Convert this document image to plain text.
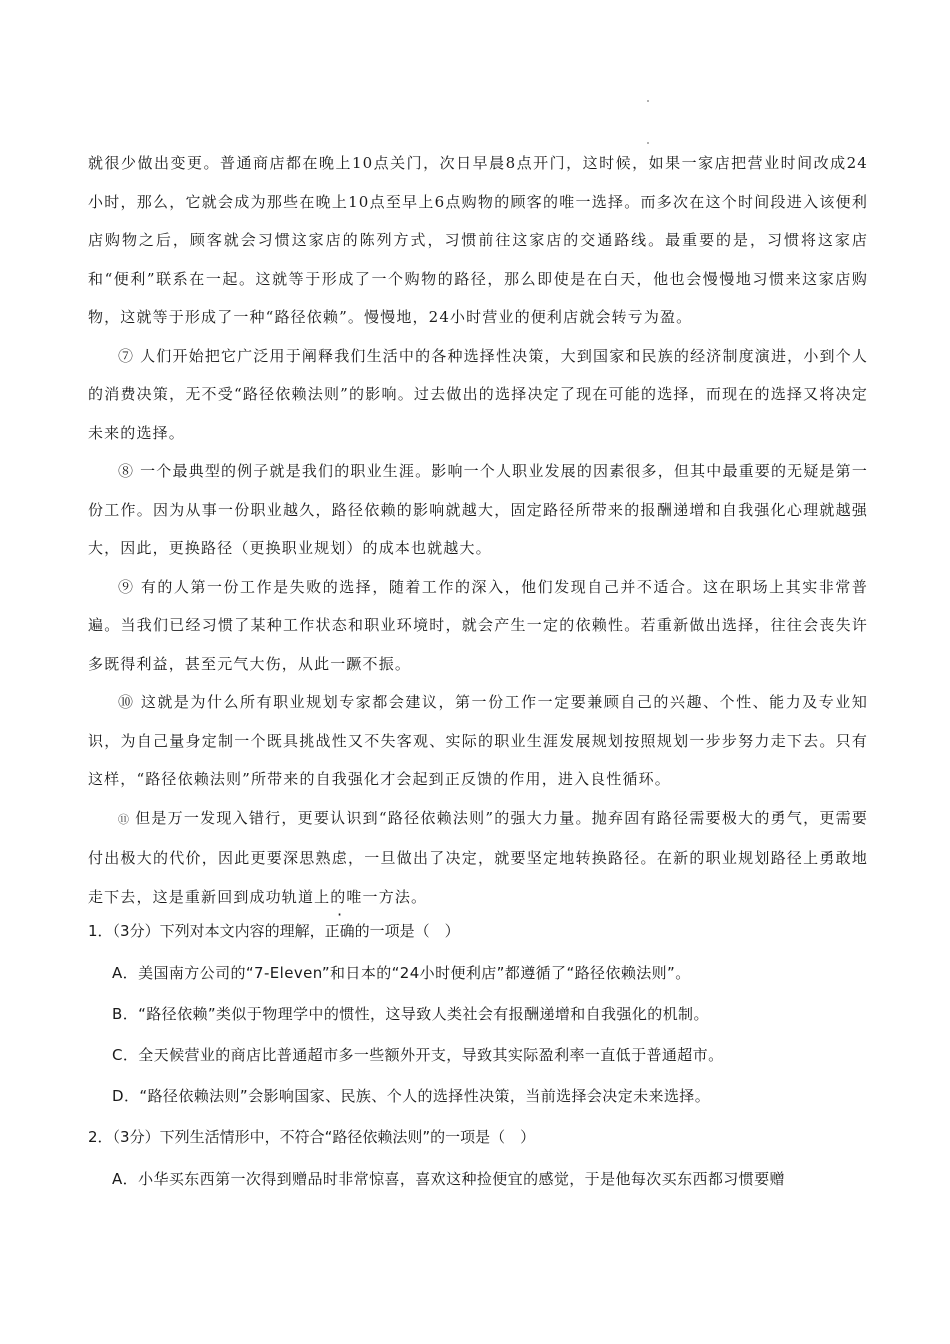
就很少做出变更。普通商店都在晚上10点关门，次日早晨8点开门，这时候，如果一家店把营业时间改成24小时，那么，它就会成为那些在晚上10点至早上6点购物的顾客的唯一选择。而多次在这个时间段进入该便利店购物之后，顾客就会习惯这家店的陈列方式，习惯前往这家店的交通路线。最重要的是，习惯将这家店和“便利”联系在一起。这就等于形成了一个购物的路径，那么即使是在白天，他也会慢慢地习惯来这家店购物，这就等于形成了一种“路径依赖”。慢慢地，24小时营业的便利店就会转亏为盈。

⑦ 人们开始把它广泛用于阐释我们生活中的各种选择性决策，大到国家和民族的经济制度演进，小到个人的消费决策，无不受“路径依赖法则”的影响。过去做出的选择决定了现在可能的选择，而现在的选择又将决定未来的选择。

⑧ 一个最典型的例子就是我们的职业生涯。影响一个人职业发展的因素很多，但其中最重要的无疑是第一份工作。因为从事一份职业越久，路径依赖的影响就越大，固定路径所带来的报酬递增和自我强化心理就越强大，因此，更换路径（更换职业规划）的成本也就越大。

⑨ 有的人第一份工作是失败的选择，随着工作的深入，他们发现自己并不适合。这在职场上其实非常普遍。当我们已经习惯了某种工作状态和职业环境时，就会产生一定的依赖性。若重新做出选择，往往会丧失许多既得利益，甚至元气大伤，从此一蹶不振。

⑩ 这就是为什么所有职业规划专家都会建议，第一份工作一定要兼顾自己的兴趣、个性、能力及专业知识，为自己量身定制一个既具挑战性又不失客观、实际的职业生涯发展规划按照规划一步步努力走下去。只有这样，“路径依赖法则”所带来的自我强化才会起到正反馈的作用，进入良性循环。

⑪ 但是万一发现入错行，更要认识到“路径依赖法则”的强大力量。抛弃固有路径需要极大的勇气，更需要付出极大的代价，因此更要深思熟虑，一旦做出了决定，就要坚定地转换路径。在新的职业规划路径上勇敢地走下去，这是重新回到成功轨道上的唯一方法。

1．（3分）下列对本文内容的理解，正确的一项是（　）
A．美国南方公司的“7-Eleven”和日本的“24小时便利店”都遵循了“路径依赖法则”。
B．“路径依赖”类似于物理学中的惯性，这导致人类社会有报酬递增和自我强化的机制。
C．全天候营业的商店比普通超市多一些额外开支，导致其实际盈利率一直低于普通超市。
D．“路径依赖法则”会影响国家、民族、个人的选择性决策，当前选择会决定未来选择。
2．（3分）下列生活情形中，不符合“路径依赖法则”的一项是（　）
A．小华买东西第一次得到赠品时非常惊喜，喜欢这种捡便宜的感觉，于是他每次买东西都习惯要赠
